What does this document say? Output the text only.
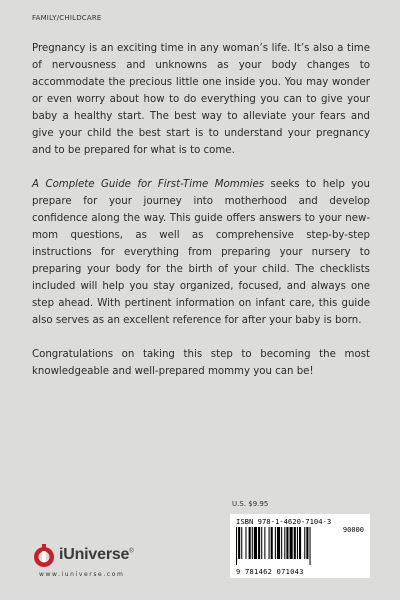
FAMILY/CHILDCARE

Pregnancy is an exciting time in any woman’s life. It’s also a time of nervousness and unknowns as your body changes to accommodate the precious little one inside you. You may wonder or even worry about how to do everything you can to give your baby a healthy start. The best way to alleviate your fears and give your child the best start is to understand your pregnancy and to be prepared for what is to come.

A Complete Guide for First-Time Mommies seeks to help you prepare for your journey into motherhood and develop confidence along the way. This guide offers answers to your new-mom questions, as well as comprehensive step-by-step instructions for everything from preparing your nursery to preparing your body for the birth of your child. The checklists included will help you stay organized, focused, and always one step ahead. With pertinent information on infant care, this guide also serves as an excellent reference for after your baby is born.

Congratulations on taking this step to becoming the most knowledgeable and well-prepared mommy you can be!

U.S. $9.95
ISBN 978-1-4620-7104-3
90000
9 781462 071043
iUniverse®
www.iuniverse.com
